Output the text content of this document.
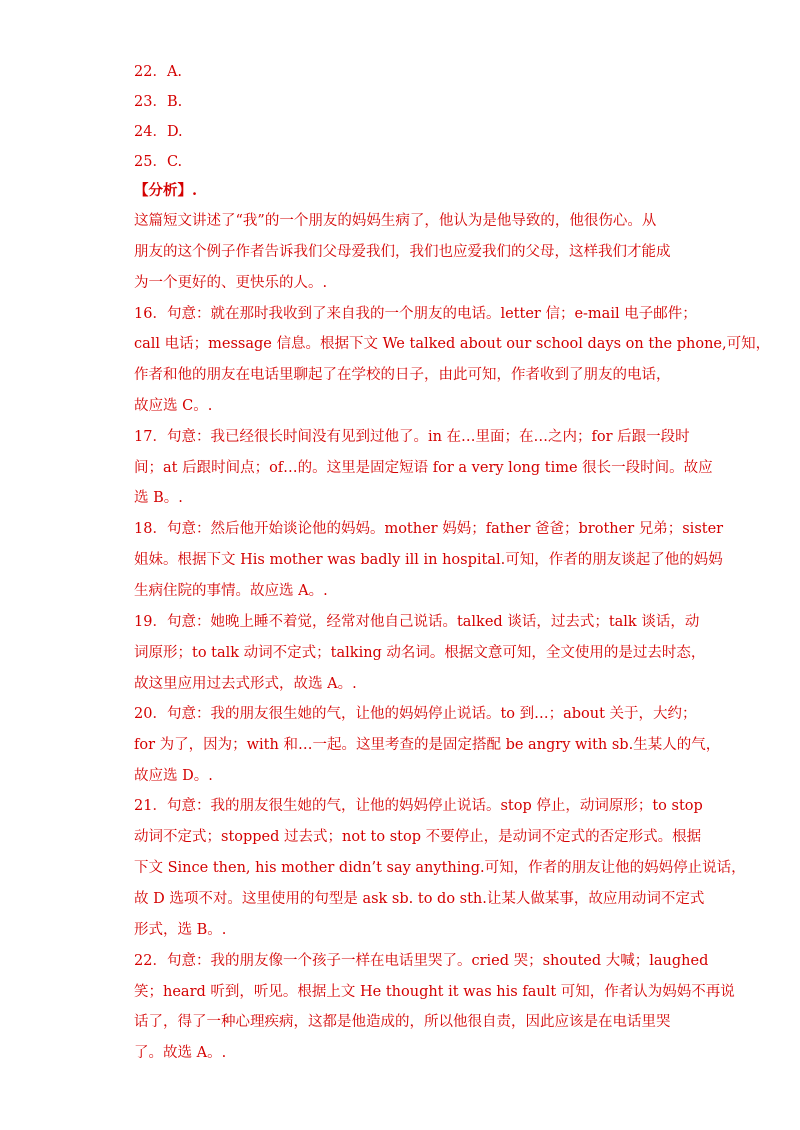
22．A.
23．B.
24．D.
25．C.
【分析】.
这篇短文讲述了“我”的一个朋友的妈妈生病了，他认为是他导致的，他很伤心。从
朋友的这个例子作者告诉我们父母爱我们，我们也应爱我们的父母，这样我们才能成
为一个更好的、更快乐的人。.
16．句意：就在那时我收到了来自我的一个朋友的电话。letter 信；e-mail 电子邮件；
call 电话；message 信息。根据下文 We talked about our school days on the phone,可知，
作者和他的朋友在电话里聊起了在学校的日子，由此可知，作者收到了朋友的电话，
故应选 C。.
17．句意：我已经很长时间没有见到过他了。in 在…里面；在…之内；for 后跟一段时
间；at 后跟时间点；of…的。这里是固定短语 for a very long time 很长一段时间。故应
选 B。.
18．句意：然后他开始谈论他的妈妈。mother 妈妈；father 爸爸；brother 兄弟；sister
姐妹。根据下文 His mother was badly ill in hospital.可知，作者的朋友谈起了他的妈妈
生病住院的事情。故应选 A。.
19．句意：她晚上睡不着觉，经常对他自己说话。talked 谈话，过去式；talk 谈话，动
词原形；to talk 动词不定式；talking 动名词。根据文意可知，全文使用的是过去时态，
故这里应用过去式形式，故选 A。.
20．句意：我的朋友很生她的气，让他的妈妈停止说话。to 到…；about 关于，大约；
for 为了，因为；with 和…一起。这里考查的是固定搭配 be angry with sb.生某人的气，
故应选 D。.
21．句意：我的朋友很生她的气，让他的妈妈停止说话。stop 停止，动词原形；to stop
动词不定式；stopped 过去式；not to stop 不要停止，是动词不定式的否定形式。根据
下文 Since then, his mother didn’t say anything.可知，作者的朋友让他的妈妈停止说话，
故 D 选项不对。这里使用的句型是 ask sb. to do sth.让某人做某事，故应用动词不定式
形式，选 B。.
22．句意：我的朋友像一个孩子一样在电话里哭了。cried 哭；shouted 大喊；laughed
笑；heard 听到，听见。根据上文 He thought it was his fault 可知，作者认为妈妈不再说
话了，得了一种心理疾病，这都是他造成的，所以他很自责，因此应该是在电话里哭
了。故选 A。.
